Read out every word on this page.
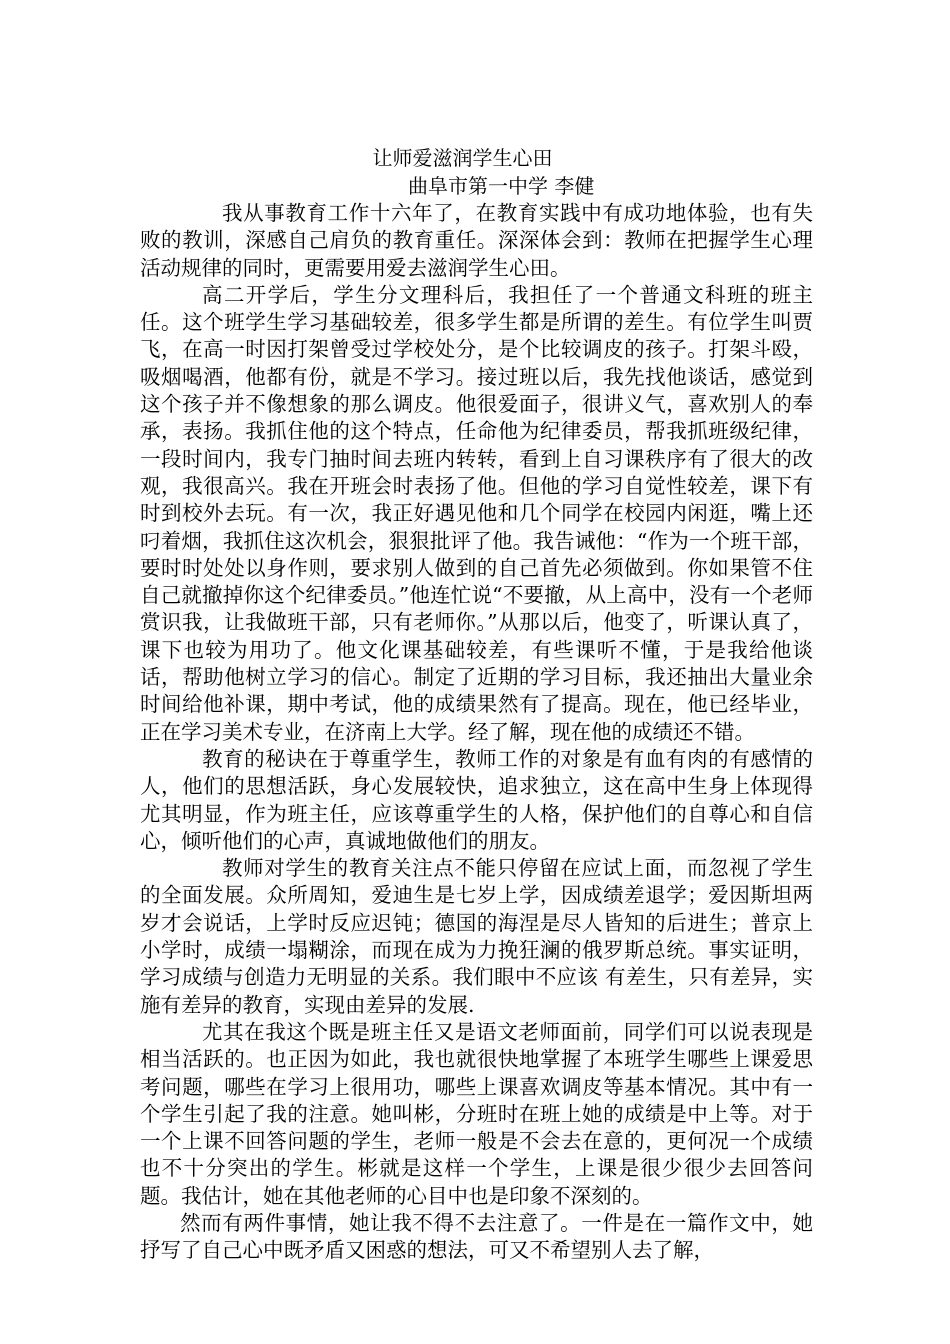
让师爱滋润学生心田

曲阜市第一中学 李健

我从事教育工作十六年了，在教育实践中有成功地体验，也有失败的教训，深感自己肩负的教育重任。深深体会到：教师在把握学生心理活动规律的同时，更需要用爱去滋润学生心田。

高二开学后，学生分文理科后，我担任了一个普通文科班的班主任。这个班学生学习基础较差，很多学生都是所谓的差生。有位学生叫贾飞，在高一时因打架曾受过学校处分，是个比较调皮的孩子。打架斗殴，吸烟喝酒，他都有份，就是不学习。接过班以后，我先找他谈话，感觉到这个孩子并不像想象的那么调皮。他很爱面子，很讲义气，喜欢别人的奉承，表扬。我抓住他的这个特点，任命他为纪律委员，帮我抓班级纪律，一段时间内，我专门抽时间去班内转转，看到上自习课秩序有了很大的改观，我很高兴。我在开班会时表扬了他。但他的学习自觉性较差，课下有时到校外去玩。有一次，我正好遇见他和几个同学在校园内闲逛，嘴上还叼着烟，我抓住这次机会，狠狠批评了他。我告诫他：“作为一个班干部，要时时处处以身作则，要求别人做到的自己首先必须做到。你如果管不住自己就撤掉你这个纪律委员。”他连忙说“不要撤，从上高中，没有一个老师赏识我，让我做班干部，只有老师你。”从那以后，他变了，听课认真了，课下也较为用功了。他文化课基础较差，有些课听不懂，于是我给他谈话，帮助他树立学习的信心。制定了近期的学习目标，我还抽出大量业余时间给他补课，期中考试，他的成绩果然有了提高。现在，他已经毕业，正在学习美术专业，在济南上大学。经了解，现在他的成绩还不错。

教育的秘诀在于尊重学生，教师工作的对象是有血有肉的有感情的人，他们的思想活跃，身心发展较快，追求独立，这在高中生身上体现得尤其明显，作为班主任，应该尊重学生的人格，保护他们的自尊心和自信心，倾听他们的心声，真诚地做他们的朋友。

教师对学生的教育关注点不能只停留在应试上面，而忽视了学生的全面发展。众所周知，爱迪生是七岁上学，因成绩差退学；爱因斯坦两岁才会说话，上学时反应迟钝；德国的海涅是尽人皆知的后进生；普京上小学时，成绩一塌糊涂，而现在成为力挽狂澜的俄罗斯总统。事实证明，学习成绩与创造力无明显的关系。我们眼中不应该 有差生，只有差异，实施有差异的教育，实现由差异的发展.

尤其在我这个既是班主任又是语文老师面前，同学们可以说表现是相当活跃的。也正因为如此，我也就很快地掌握了本班学生哪些上课爱思考问题，哪些在学习上很用功，哪些上课喜欢调皮等基本情况。其中有一个学生引起了我的注意。她叫彬，分班时在班上她的成绩是中上等。对于一个上课不回答问题的学生，老师一般是不会去在意的，更何况一个成绩也不十分突出的学生。彬就是这样一个学生，上课是很少很少去回答问题。我估计，她在其他老师的心目中也是印象不深刻的。

然而有两件事情，她让我不得不去注意了。一件是在一篇作文中，她抒写了自己心中既矛盾又困惑的想法，可又不希望别人去了解，
